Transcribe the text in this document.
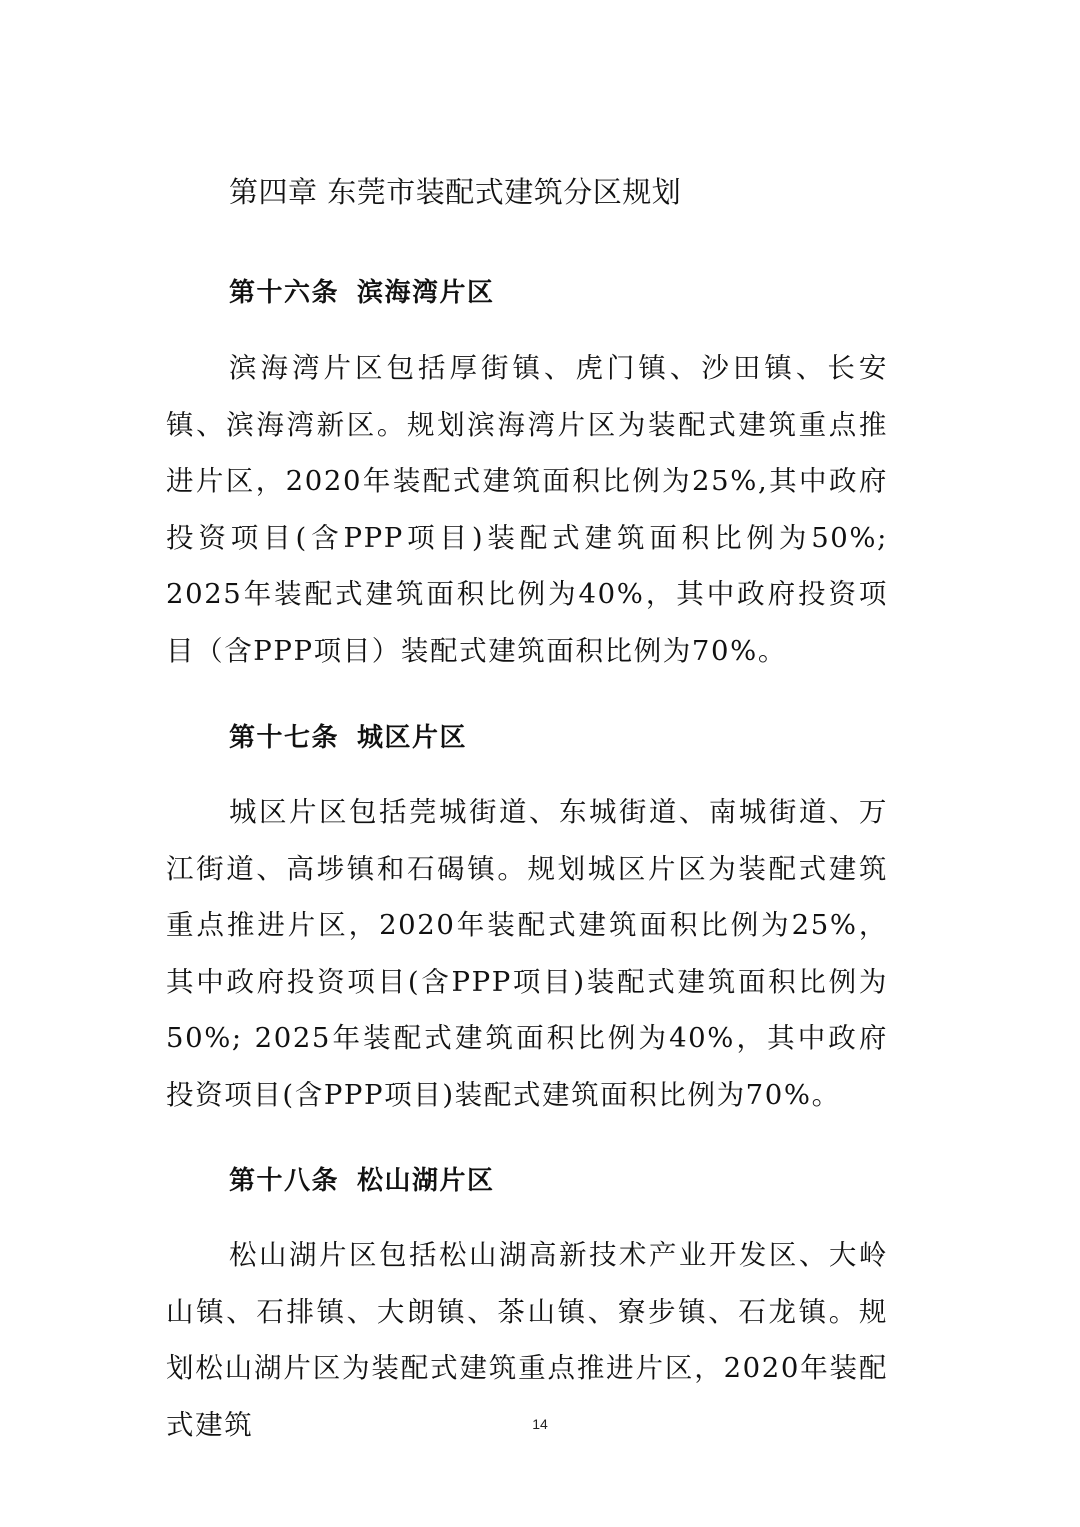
第四章 东莞市装配式建筑分区规划
第十六条 滨海湾片区

滨海湾片区包括厚街镇、虎门镇、沙田镇、长安镇、滨海湾新区。规划滨海湾片区为装配式建筑重点推进片区，2020年装配式建筑面积比例为25%,其中政府投资项目(含PPP项目)装配式建筑面积比例为50%; 2025年装配式建筑面积比例为40%，其中政府投资项目（含PPP项目）装配式建筑面积比例为70%。

第十七条 城区片区

城区片区包括莞城街道、东城街道、南城街道、万江街道、高埗镇和石碣镇。规划城区片区为装配式建筑重点推进片区，2020年装配式建筑面积比例为25%，其中政府投资项目(含PPP项目)装配式建筑面积比例为50%; 2025年装配式建筑面积比例为40%，其中政府投资项目(含PPP项目)装配式建筑面积比例为70%。

第十八条 松山湖片区

松山湖片区包括松山湖高新技术产业开发区、大岭山镇、石排镇、大朗镇、茶山镇、寮步镇、石龙镇。规划松山湖片区为装配式建筑重点推进片区，2020年装配式建筑	14
